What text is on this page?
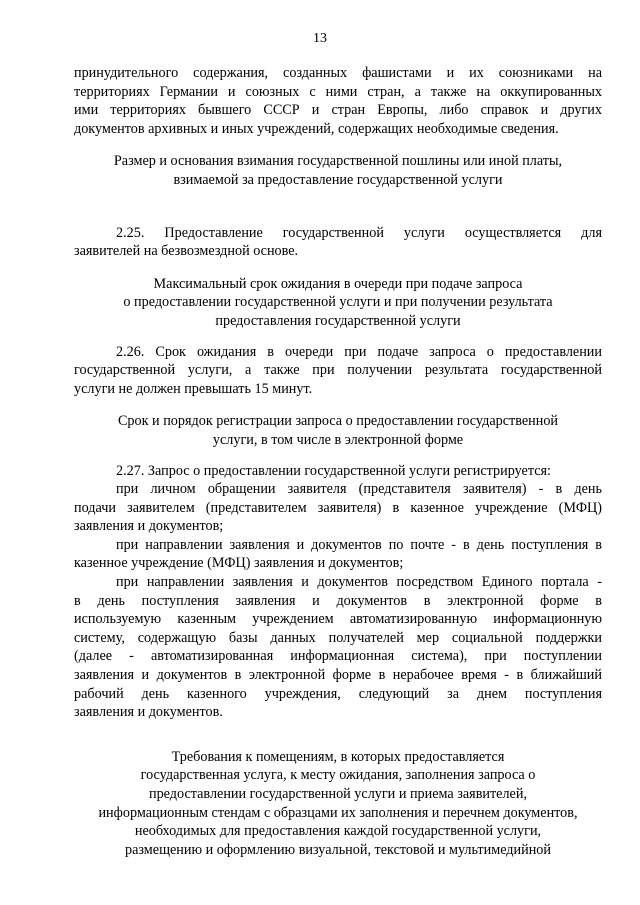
13
принудительного содержания, созданных фашистами и их союзниками на
территориях Германии и союзных с ними стран, а также на оккупированных
ими территориях бывшего СССР и стран Европы, либо справок и других
документов архивных и иных учреждений, содержащих необходимые сведения.
Размер и основания взимания государственной пошлины или иной платы,
взимаемой за предоставление государственной услуги
2.25. Предоставление государственной услуги осуществляется для
заявителей на безвозмездной основе.
Максимальный срок ожидания в очереди при подаче запроса
о предоставлении государственной услуги и при получении результата
предоставления государственной услуги
2.26. Срок ожидания в очереди при подаче запроса о предоставлении
государственной услуги, а также при получении результата государственной
услуги не должен превышать 15 минут.
Срок и порядок регистрации запроса о предоставлении государственной
услуги, в том числе в электронной форме
2.27. Запрос о предоставлении государственной услуги регистрируется:
при личном обращении заявителя (представителя заявителя) - в день
подачи заявителем (представителем заявителя) в казенное учреждение (МФЦ)
заявления и документов;
при направлении заявления и документов по почте - в день поступления в
казенное учреждение (МФЦ) заявления и документов;
при направлении заявления и документов посредством Единого портала -
в день поступления заявления и документов в электронной форме в
используемую казенным учреждением автоматизированную информационную
систему, содержащую базы данных получателей мер социальной поддержки
(далее - автоматизированная информационная система), при поступлении
заявления и документов в электронной форме в нерабочее время - в ближайший
рабочий день казенного учреждения, следующий за днем поступления
заявления и документов.
Требования к помещениям, в которых предоставляется
государственная услуга, к месту ожидания, заполнения запроса о
предоставлении государственной услуги и приема заявителей,
информационным стендам с образцами их заполнения и перечнем документов,
необходимых для предоставления каждой государственной услуги,
размещению и оформлению визуальной, текстовой и мультимедийной
